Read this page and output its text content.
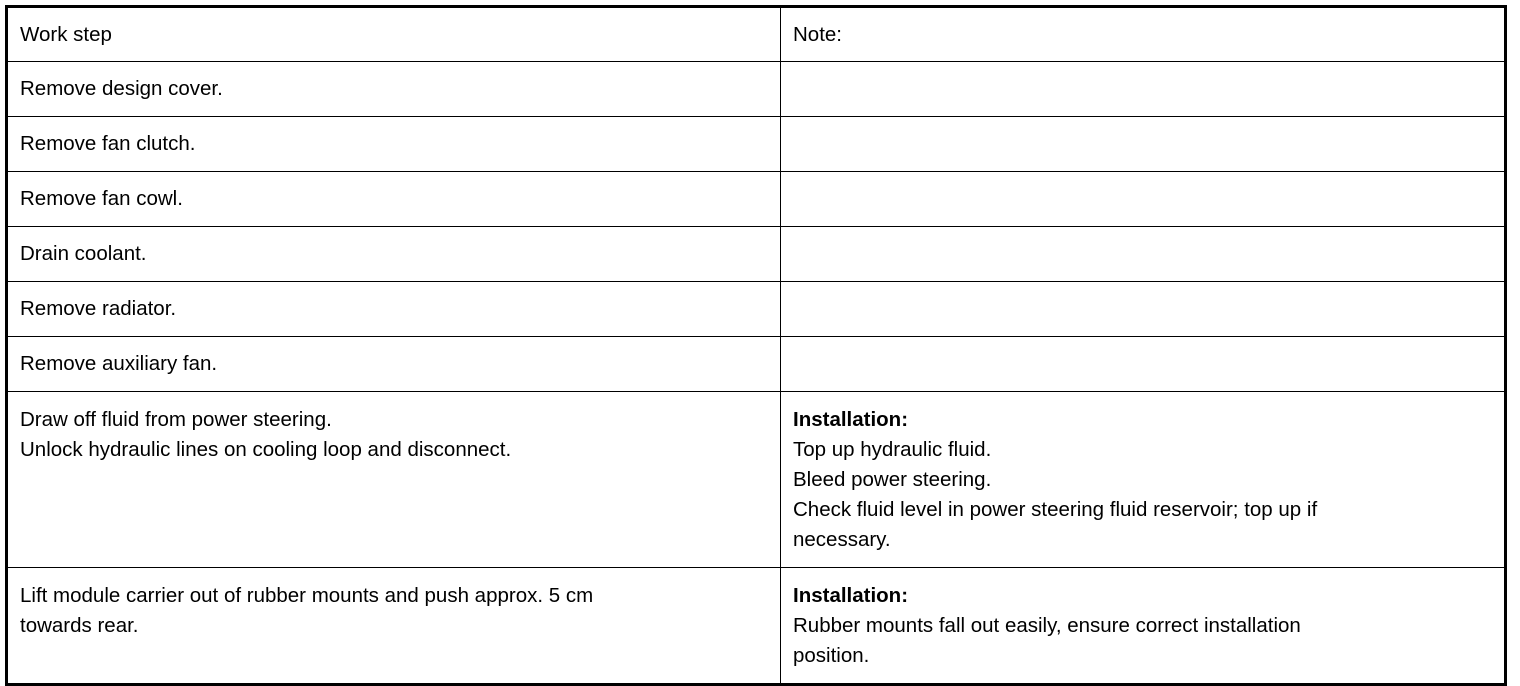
Work step	Note:
Remove design cover.	
Remove fan clutch.	
Remove fan cowl.	
Drain coolant.	
Remove radiator.	
Remove auxiliary fan.	

Draw off fluid from power steering.
Unlock hydraulic lines on cooling loop and disconnect.	Installation:
Top up hydraulic fluid.
Bleed power steering.
Check fluid level in power steering fluid reservoir; top up if
necessary.

Lift module carrier out of rubber mounts and push approx. 5 cm
towards rear.	Installation:
Rubber mounts fall out easily, ensure correct installation
position.
